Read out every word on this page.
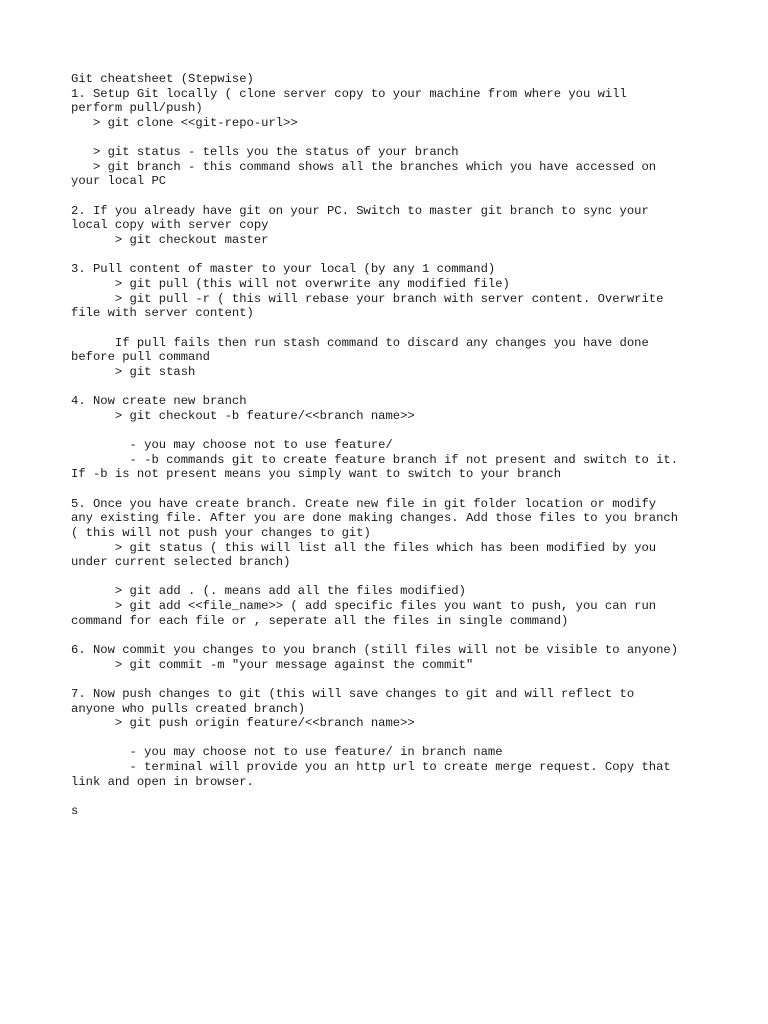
Git cheatsheet (Stepwise)
1. Setup Git locally ( clone server copy to your machine from where you will
perform pull/push)
> git clone <<git-repo-url>>

> git status - tells you the status of your branch
> git branch - this command shows all the branches which you have accessed on
your local PC

2. If you already have git on your PC. Switch to master git branch to sync your
local copy with server copy
> git checkout master

3. Pull content of master to your local (by any 1 command)
> git pull (this will not overwrite any modified file)
> git pull -r ( this will rebase your branch with server content. Overwrite
file with server content)

If pull fails then run stash command to discard any changes you have done
before pull command
> git stash

4. Now create new branch
> git checkout -b feature/<<branch name>>

- you may choose not to use feature/
- -b commands git to create feature branch if not present and switch to it.
If -b is not present means you simply want to switch to your branch

5. Once you have create branch. Create new file in git folder location or modify
any existing file. After you are done making changes. Add those files to you branch
( this will not push your changes to git)
> git status ( this will list all the files which has been modified by you
under current selected branch)

> git add . (. means add all the files modified)
> git add <<file_name>> ( add specific files you want to push, you can run
command for each file or , seperate all the files in single command)

6. Now commit you changes to you branch (still files will not be visible to anyone)
> git commit -m "your message against the commit"

7. Now push changes to git (this will save changes to git and will reflect to
anyone who pulls created branch)
> git push origin feature/<<branch name>>

- you may choose not to use feature/ in branch name
- terminal will provide you an http url to create merge request. Copy that
link and open in browser.

s
